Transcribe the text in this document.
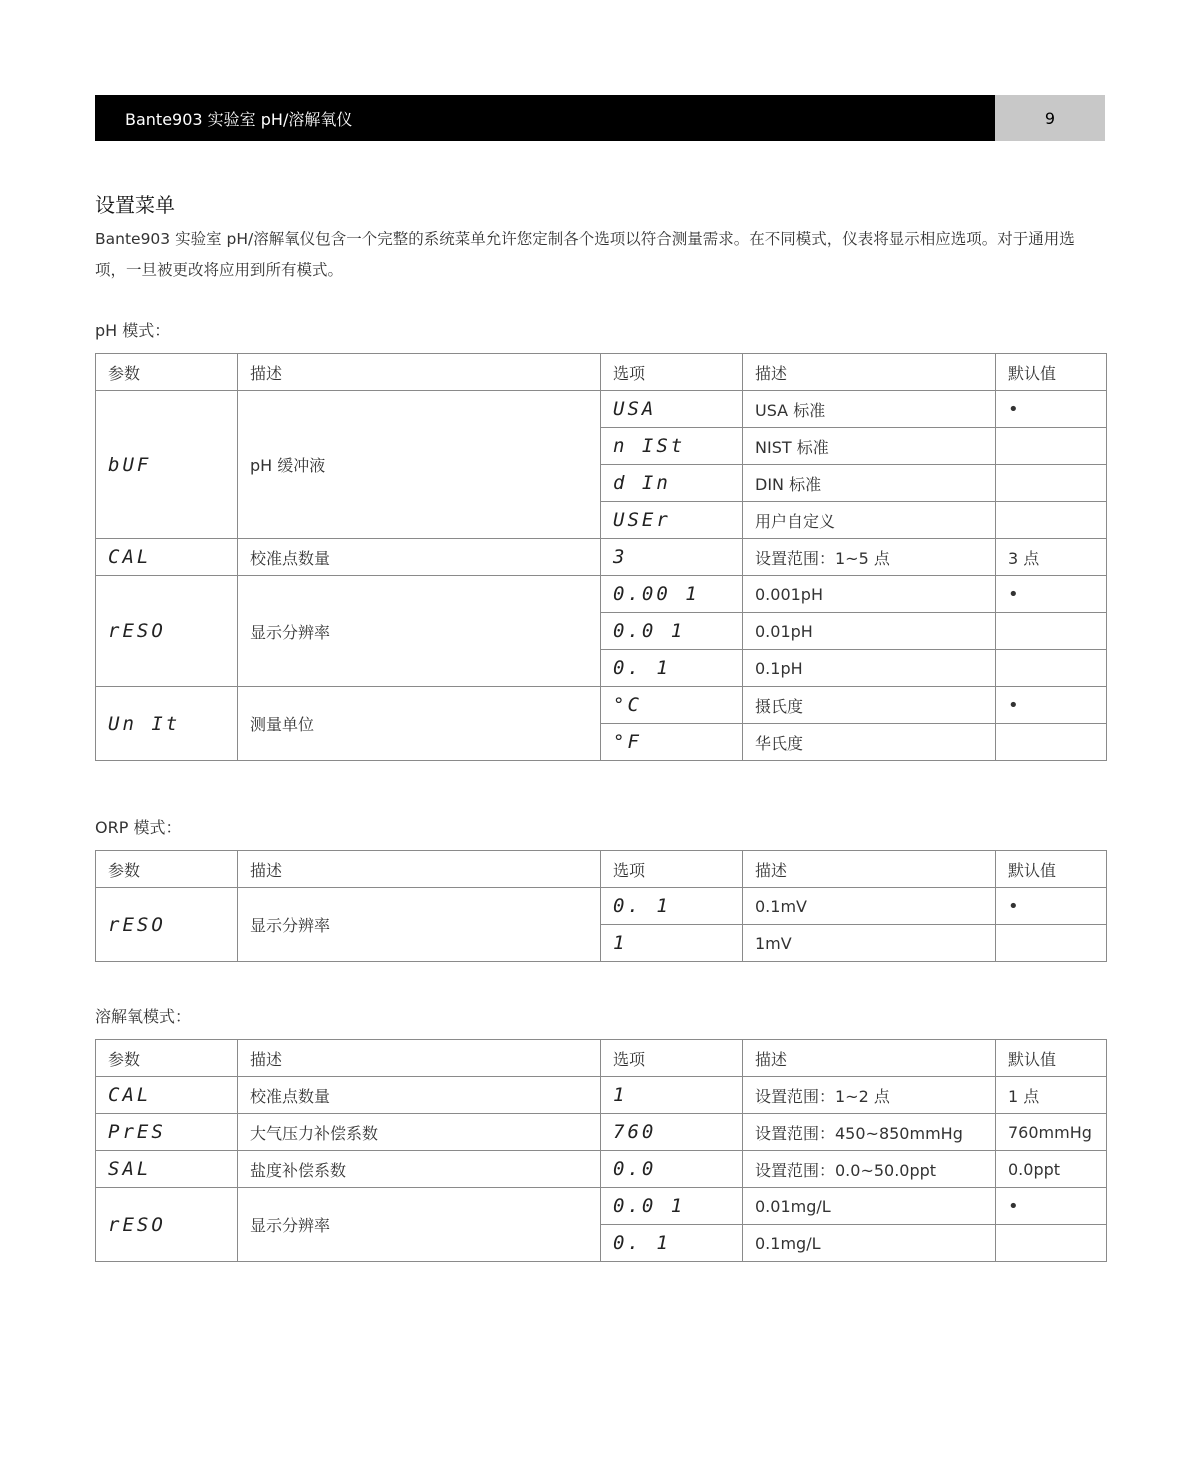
Bante903 实验室 pH/溶解氧仪	9
设置菜单
Bante903 实验室 pH/溶解氧仪包含一个完整的系统菜单允许您定制各个选项以符合测量需求。在不同模式，仪表将显示相应选项。对于通用选项，一旦被更改将应用到所有模式。
pH 模式：
参数	描述	选项	描述	默认值
bUF	pH 缓冲液	USA	USA 标准	•
		n ISt	NIST 标准	
		d In	DIN 标准	
		USEr	用户自定义	
CAL	校准点数量	3	设置范围：1~5 点	3 点
rESO	显示分辨率	0.00 1	0.001pH	•
		0.0 1	0.01pH	
		0. 1	0.1pH	
Un It	测量单位	°C	摄氏度	•
		°F	华氏度	
ORP 模式：
参数	描述	选项	描述	默认值
rESO	显示分辨率	0. 1	0.1mV	•
		1	1mV	
溶解氧模式：
参数	描述	选项	描述	默认值
CAL	校准点数量	1	设置范围：1~2 点	1 点
PrES	大气压力补偿系数	760	设置范围：450~850mmHg	760mmHg
SAL	盐度补偿系数	0.0	设置范围：0.0~50.0ppt	0.0ppt
rESO	显示分辨率	0.0 1	0.01mg/L	•
		0. 1	0.1mg/L	
